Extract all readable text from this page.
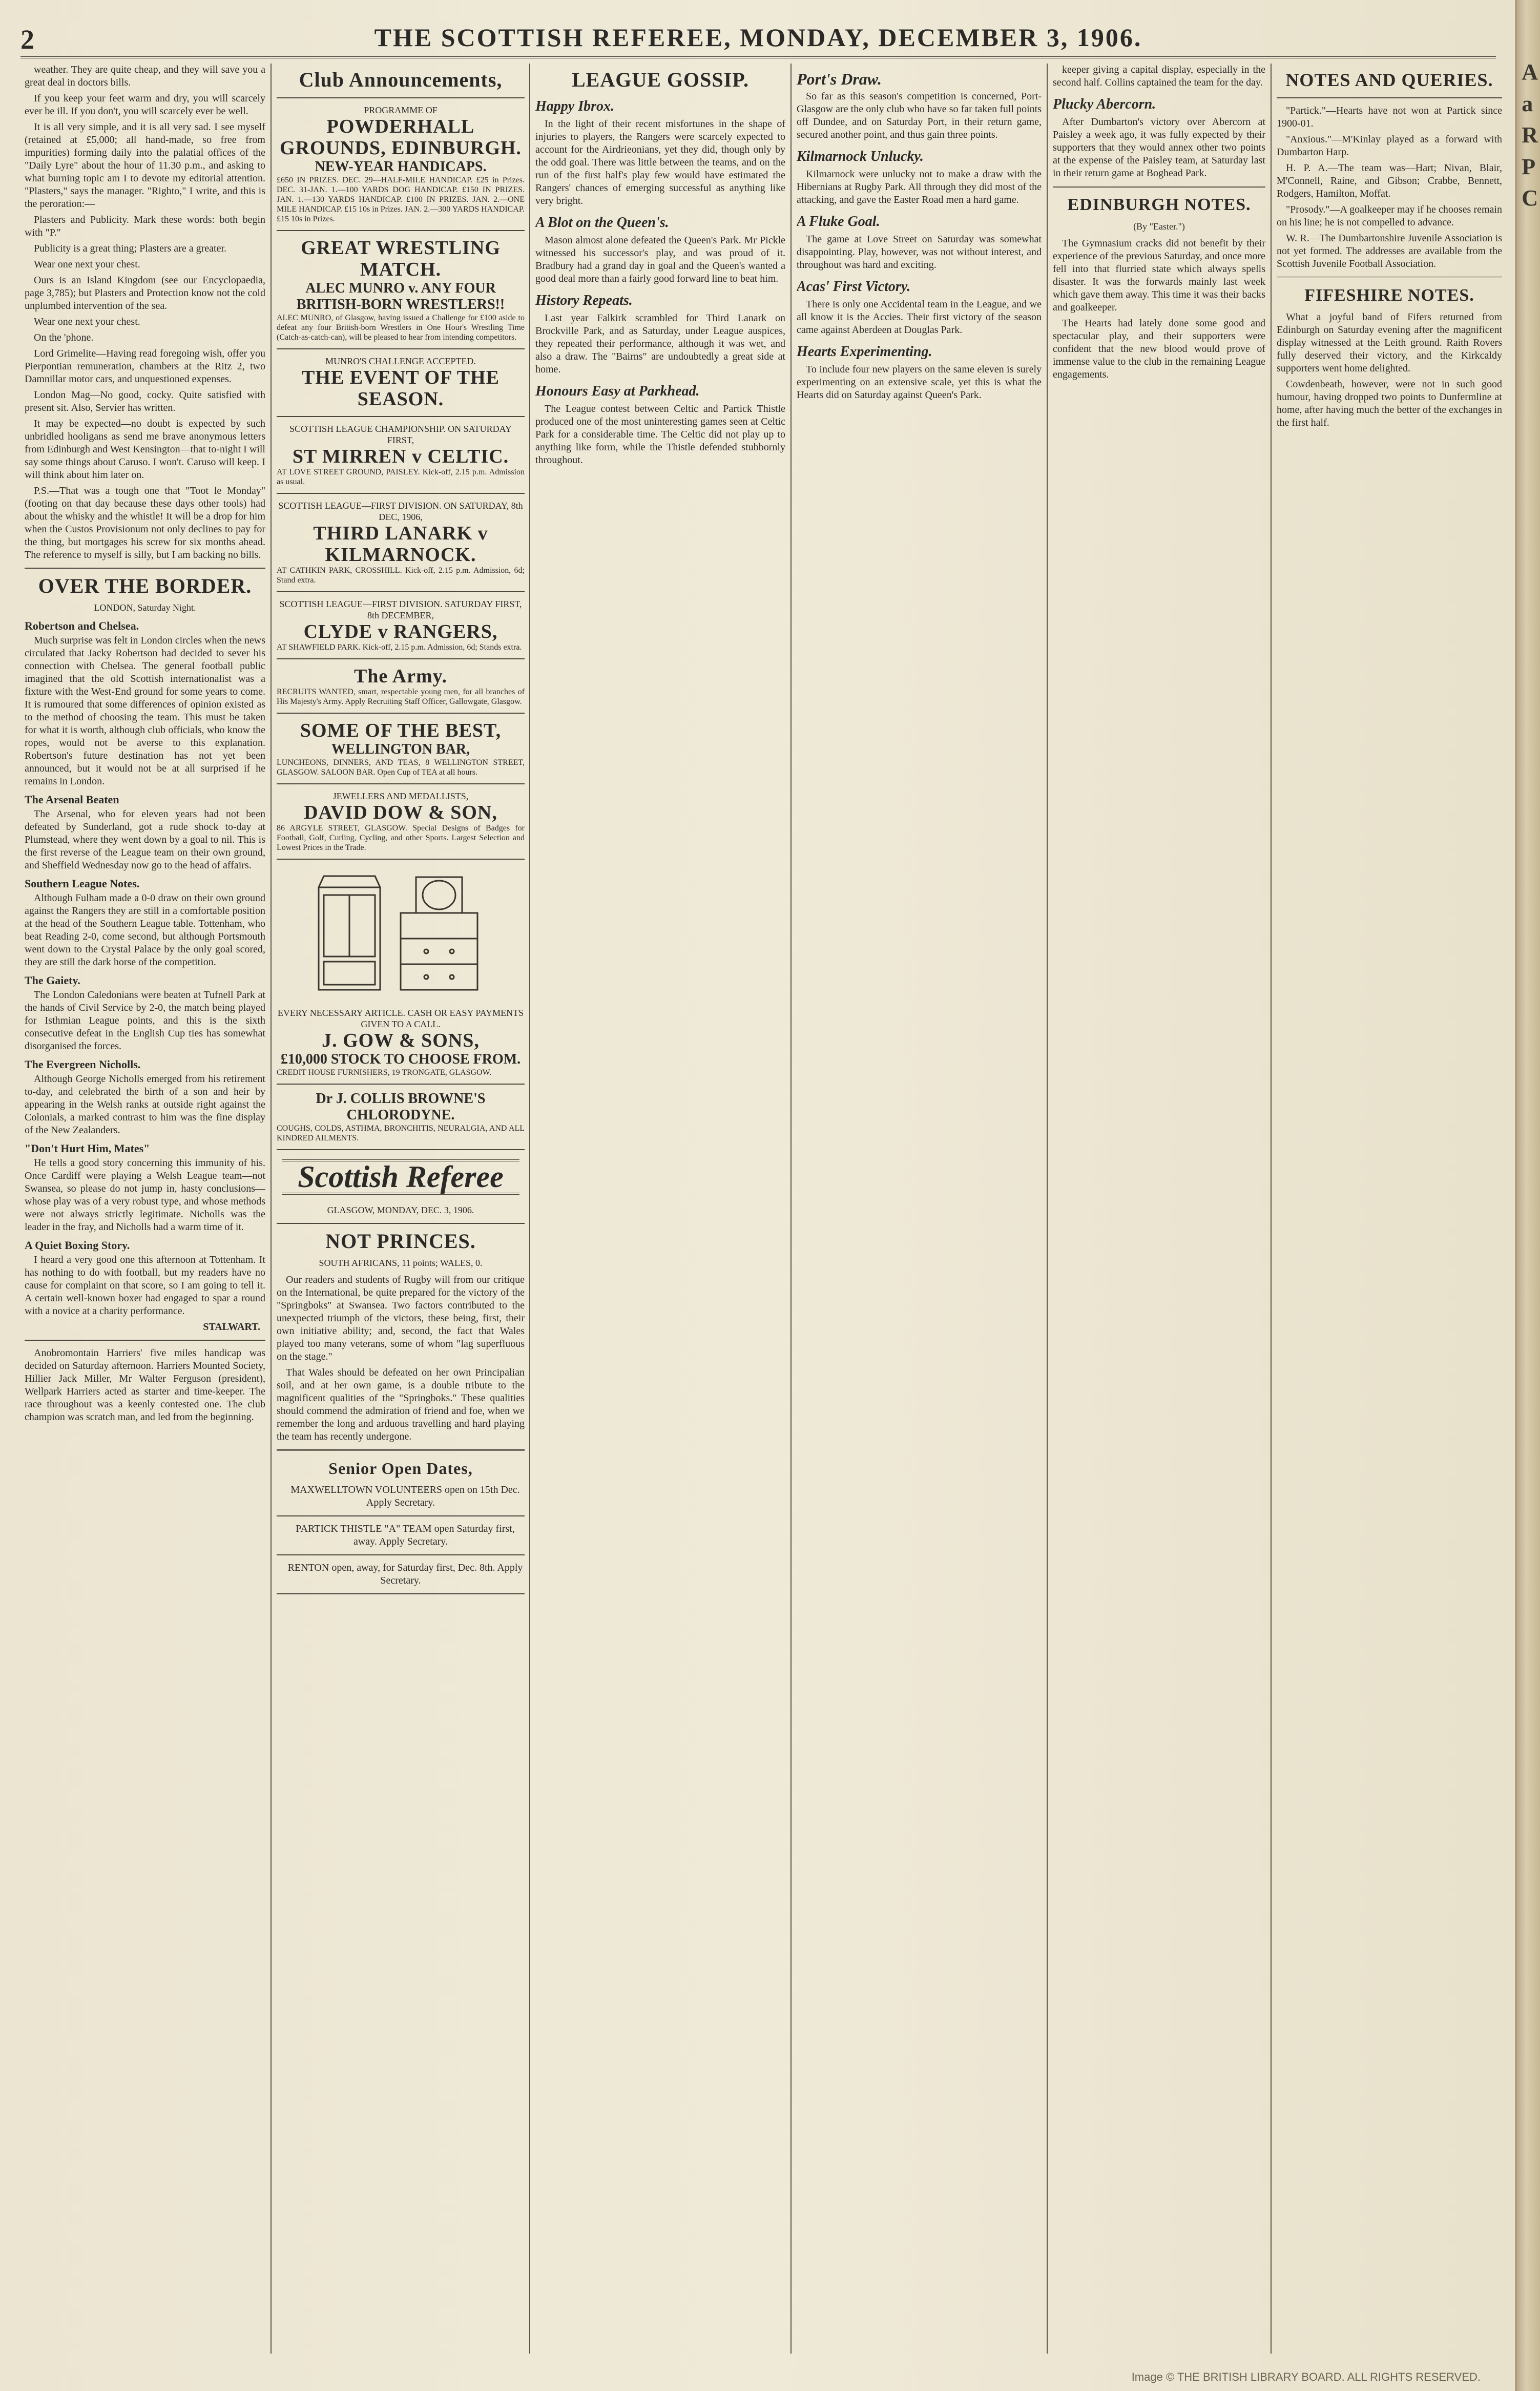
2	THE SCOTTISH REFEREE, MONDAY, DECEMBER 3, 1906.

weather. They are quite cheap, and they will save you a great deal in doctors bills.

If you keep your feet warm and dry, you will scarcely ever be ill. If you don't, you will scarcely ever be well.

It is all very simple, and it is all very sad. I see myself (retained at £5,000; all hand-made, so free from impurities) forming daily into the palatial offices of the "Daily Lyre" about the hour of 11.30 p.m., and asking to what burning topic am I to devote my editorial attention. "Plasters," says the manager. "Righto," I write, and this is the peroration:—

Plasters and Publicity. Mark these words: both begin with "P."

Publicity is a great thing; Plasters are a greater.

Wear one next your chest.

Ours is an Island Kingdom (see our Encyclopaedia, page 3,785); but Plasters and Protection know not the cold unplumbed intervention of the sea.

Wear one next your chest.

On the 'phone.

Lord Grimelite—Having read foregoing wish, offer you Pierpontian remuneration, chambers at the Ritz 2, two Damnillar motor cars, and unquestioned expenses.

London Mag—No good, cocky. Quite satisfied with present sit. Also, Servier has written.

It may be expected—no doubt is expected by such unbridled hooligans as send me brave anonymous letters from Edinburgh and West Kensington—that to-night I will say some things about Caruso. I won't. Caruso will keep. I will think about him later on.

P.S.—That was a tough one that "Toot le Monday" (footing on that day because these days other tools) had about the whisky and the whistle! It will be a drop for him when the Custos Provisionum not only declines to pay for the thing, but mortgages his screw for six months ahead. The reference to myself is silly, but I am backing no bills.

OVER THE BORDER.
LONDON, Saturday Night.
Robertson and Chelsea.

Much surprise was felt in London circles when the news circulated that Jacky Robertson had decided to sever his connection with Chelsea. The general football public imagined that the old Scottish internationalist was a fixture with the West-End ground for some years to come. It is rumoured that some differences of opinion existed as to the method of choosing the team. This must be taken for what it is worth, although club officials, who know the ropes, would not be averse to this explanation. Robertson's future destination has not yet been announced, but it would not be at all surprised if he remains in London.

The Arsenal Beaten

The Arsenal, who for eleven years had not been defeated by Sunderland, got a rude shock to-day at Plumstead, where they went down by a goal to nil. This is the first reverse of the League team on their own ground, and Sheffield Wednesday now go to the head of affairs.

Southern League Notes.

Although Fulham made a 0-0 draw on their own ground against the Rangers they are still in a comfortable position at the head of the Southern League table. Tottenham, who beat Reading 2-0, come second, but although Portsmouth went down to the Crystal Palace by the only goal scored, they are still the dark horse of the competition.

The Gaiety.

The London Caledonians were beaten at Tufnell Park at the hands of Civil Service by 2-0, the match being played for Isthmian League points, and this is the sixth consecutive defeat in the English Cup ties has somewhat disorganised the forces.

The Evergreen Nicholls.

Although George Nicholls emerged from his retirement to-day, and celebrated the birth of a son and heir by appearing in the Welsh ranks at outside right against the Colonials, a marked contrast to him was the fine display of the New Zealanders.

"Don't Hurt Him, Mates"

He tells a good story concerning this immunity of his. Once Cardiff were playing a Welsh League team—not Swansea, so please do not jump in, hasty conclusions—whose play was of a very robust type, and whose methods were not always strictly legitimate. Nicholls was the leader in the fray, and Nicholls had a warm time of it.

A Quiet Boxing Story.

I heard a very good one this afternoon at Tottenham. It has nothing to do with football, but my readers have no cause for complaint on that score, so I am going to tell it. A certain well-known boxer had engaged to spar a round with a novice at a charity performance.

STALWART.

Anobromontain Harriers' five miles handicap was decided on Saturday afternoon. Harriers Mounted Society, Hillier Jack Miller, Mr Walter Ferguson (president), Wellpark Harriers acted as starter and time-keeper. The race throughout was a keenly contested one. The club champion was scratch man, and led from the beginning.

Club Announcements,
PROGRAMME OF
POWDERHALL GROUNDS, EDINBURGH.
NEW-YEAR HANDICAPS.
£650 IN PRIZES. DEC. 29—HALF-MILE HANDICAP. £25 in Prizes. DEC. 31-JAN. 1.—100 YARDS DOG HANDICAP. £150 IN PRIZES. JAN. 1.—130 YARDS HANDICAP. £100 IN PRIZES. JAN. 2.—ONE MILE HANDICAP. £15 10s in Prizes. JAN. 2.—300 YARDS HANDICAP. £15 10s in Prizes.
GREAT WRESTLING MATCH.
ALEC MUNRO v. ANY FOUR BRITISH-BORN WRESTLERS!!
ALEC MUNRO, of Glasgow, having issued a Challenge for £100 aside to defeat any four British-born Wrestlers in One Hour's Wrestling Time (Catch-as-catch-can), will be pleased to hear from intending competitors.
MUNRO'S CHALLENGE ACCEPTED.
THE EVENT OF THE SEASON.
SCOTTISH LEAGUE CHAMPIONSHIP. ON SATURDAY FIRST,
ST MIRREN v CELTIC.
AT LOVE STREET GROUND, PAISLEY. Kick-off, 2.15 p.m. Admission as usual.
SCOTTISH LEAGUE—FIRST DIVISION. ON SATURDAY, 8th DEC, 1906,
THIRD LANARK v KILMARNOCK.
AT CATHKIN PARK, CROSSHILL. Kick-off, 2.15 p.m. Admission, 6d; Stand extra.
SCOTTISH LEAGUE—FIRST DIVISION. SATURDAY FIRST, 8th DECEMBER,
CLYDE v RANGERS,
AT SHAWFIELD PARK. Kick-off, 2.15 p.m. Admission, 6d; Stands extra.
The Army.
RECRUITS WANTED, smart, respectable young men, for all branches of His Majesty's Army. Apply Recruiting Staff Officer, Gallowgate, Glasgow.
SOME OF THE BEST,
WELLINGTON BAR,
LUNCHEONS, DINNERS, AND TEAS, 8 WELLINGTON STREET, GLASGOW. SALOON BAR. Open Cup of TEA at all hours.
JEWELLERS AND MEDALLISTS,
DAVID DOW & SON,
86 ARGYLE STREET, GLASGOW. Special Designs of Badges for Football, Golf, Curling, Cycling, and other Sports. Largest Selection and Lowest Prices in the Trade.
EVERY NECESSARY ARTICLE. CASH OR EASY PAYMENTS GIVEN TO A CALL.
J. GOW & SONS,
£10,000 STOCK TO CHOOSE FROM.
CREDIT HOUSE FURNISHERS, 19 TRONGATE, GLASGOW.
Dr J. COLLIS BROWNE'S CHLORODYNE.
COUGHS, COLDS, ASTHMA, BRONCHITIS, NEURALGIA, AND ALL KINDRED AILMENTS.
Scottish Referee
GLASGOW, MONDAY, DEC. 3, 1906.
NOT PRINCES.
SOUTH AFRICANS, 11 points; WALES, 0.

Our readers and students of Rugby will from our critique on the International, be quite prepared for the victory of the "Springboks" at Swansea. Two factors contributed to the unexpected triumph of the victors, these being, first, their own initiative ability; and, second, the fact that Wales played too many veterans, some of whom "lag superfluous on the stage."

That Wales should be defeated on her own Principalian soil, and at her own game, is a double tribute to the magnificent qualities of the "Springboks." These qualities should commend the admiration of friend and foe, when we remember the long and arduous travelling and hard playing the team has recently undergone.

Senior Open Dates,

MAXWELLTOWN VOLUNTEERS open on 15th Dec. Apply Secretary.

PARTICK THISTLE "A" TEAM open Saturday first, away. Apply Secretary.

RENTON open, away, for Saturday first, Dec. 8th. Apply Secretary.

LEAGUE GOSSIP.
Happy Ibrox.

In the light of their recent misfortunes in the shape of injuries to players, the Rangers were scarcely expected to account for the Airdrieonians, yet they did, though only by the odd goal. There was little between the teams, and on the run of the first half's play few would have estimated the Rangers' chances of emerging successful as anything like very bright.

A Blot on the Queen's.

Mason almost alone defeated the Queen's Park. Mr Pickle witnessed his successor's play, and was proud of it. Bradbury had a grand day in goal and the Queen's wanted a good deal more than a fairly good forward line to beat him.

History Repeats.

Last year Falkirk scrambled for Third Lanark on Brockville Park, and as Saturday, under League auspices, they repeated their performance, although it was wet, and also a draw. The "Bairns" are undoubtedly a great side at home.

Honours Easy at Parkhead.

The League contest between Celtic and Partick Thistle produced one of the most uninteresting games seen at Celtic Park for a considerable time. The Celtic did not play up to anything like form, while the Thistle defended stubbornly throughout.

Port's Draw.

So far as this season's competition is concerned, Port-Glasgow are the only club who have so far taken full points off Dundee, and on Saturday Port, in their return game, secured another point, and thus gain three points.

Kilmarnock Unlucky.

Kilmarnock were unlucky not to make a draw with the Hibernians at Rugby Park. All through they did most of the attacking, and gave the Easter Road men a hard game.

A Fluke Goal.

The game at Love Street on Saturday was somewhat disappointing. Play, however, was not without interest, and throughout was hard and exciting.

Acas' First Victory.

There is only one Accidental team in the League, and we all know it is the Accies. Their first victory of the season came against Aberdeen at Douglas Park.

Hearts Experimenting.

To include four new players on the same eleven is surely experimenting on an extensive scale, yet this is what the Hearts did on Saturday against Queen's Park.

keeper giving a capital display, especially in the second half. Collins captained the team for the day.

Plucky Abercorn.

After Dumbarton's victory over Abercorn at Paisley a week ago, it was fully expected by their supporters that they would annex other two points at the expense of the Paisley team, at Saturday last in their return game at Boghead Park.

EDINBURGH NOTES.
(By "Easter.")

The Gymnasium cracks did not benefit by their experience of the previous Saturday, and once more fell into that flurried state which always spells disaster. It was the forwards mainly last week which gave them away. This time it was their backs and goalkeeper.

The Hearts had lately done some good and spectacular play, and their supporters were confident that the new blood would prove of immense value to the club in the remaining League engagements.

NOTES AND QUERIES.

"Partick."—Hearts have not won at Partick since 1900-01.

"Anxious."—M'Kinlay played as a forward with Dumbarton Harp.

H. P. A.—The team was—Hart; Nivan, Blair, M'Connell, Raine, and Gibson; Crabbe, Bennett, Rodgers, Hamilton, Moffat.

"Prosody."—A goalkeeper may if he chooses remain on his line; he is not compelled to advance.

W. R.—The Dumbartonshire Juvenile Association is not yet formed. The addresses are available from the Scottish Juvenile Football Association.

FIFESHIRE NOTES.

What a joyful band of Fifers returned from Edinburgh on Saturday evening after the magnificent display witnessed at the Leith ground. Raith Rovers fully deserved their victory, and the Kirkcaldy supporters went home delighted.

Cowdenbeath, however, were not in such good humour, having dropped two points to Dunfermline at home, after having much the better of the exchanges in the first half.

Image © THE BRITISH LIBRARY BOARD. ALL RIGHTS RESERVED.
A
a
R
P
C
